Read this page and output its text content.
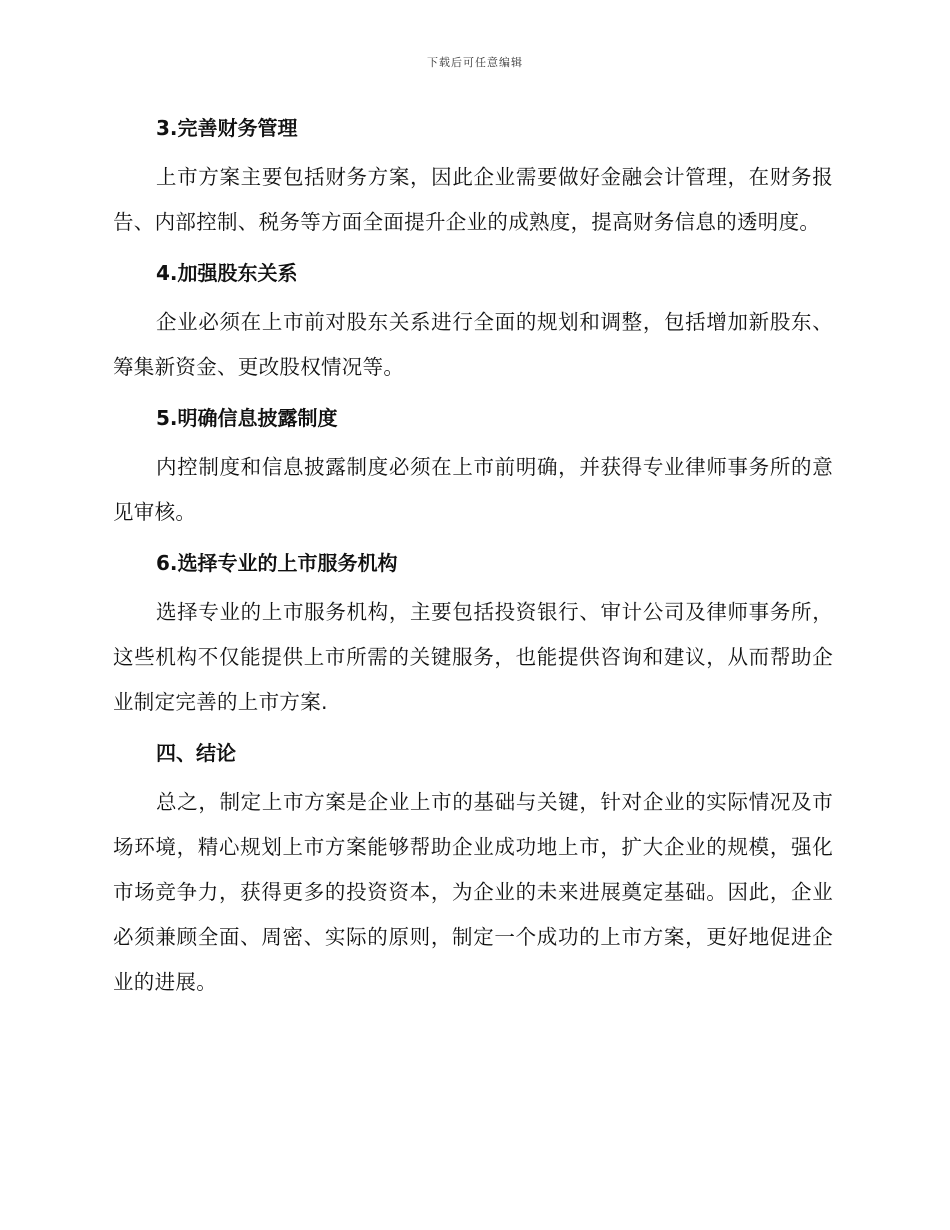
下载后可任意编辑
3.完善财务管理

上市方案主要包括财务方案，因此企业需要做好金融会计管理，在财务报告、内部控制、税务等方面全面提升企业的成熟度，提高财务信息的透明度。

4.加强股东关系

企业必须在上市前对股东关系进行全面的规划和调整，包括增加新股东、筹集新资金、更改股权情况等。

5.明确信息披露制度

内控制度和信息披露制度必须在上市前明确，并获得专业律师事务所的意见审核。

6.选择专业的上市服务机构

选择专业的上市服务机构，主要包括投资银行、审计公司及律师事务所，这些机构不仅能提供上市所需的关键服务，也能提供咨询和建议，从而帮助企业制定完善的上市方案.

四、结论

总之，制定上市方案是企业上市的基础与关键，针对企业的实际情况及市场环境，精心规划上市方案能够帮助企业成功地上市，扩大企业的规模，强化市场竞争力，获得更多的投资资本，为企业的未来进展奠定基础。因此，企业必须兼顾全面、周密、实际的原则，制定一个成功的上市方案，更好地促进企业的进展。
